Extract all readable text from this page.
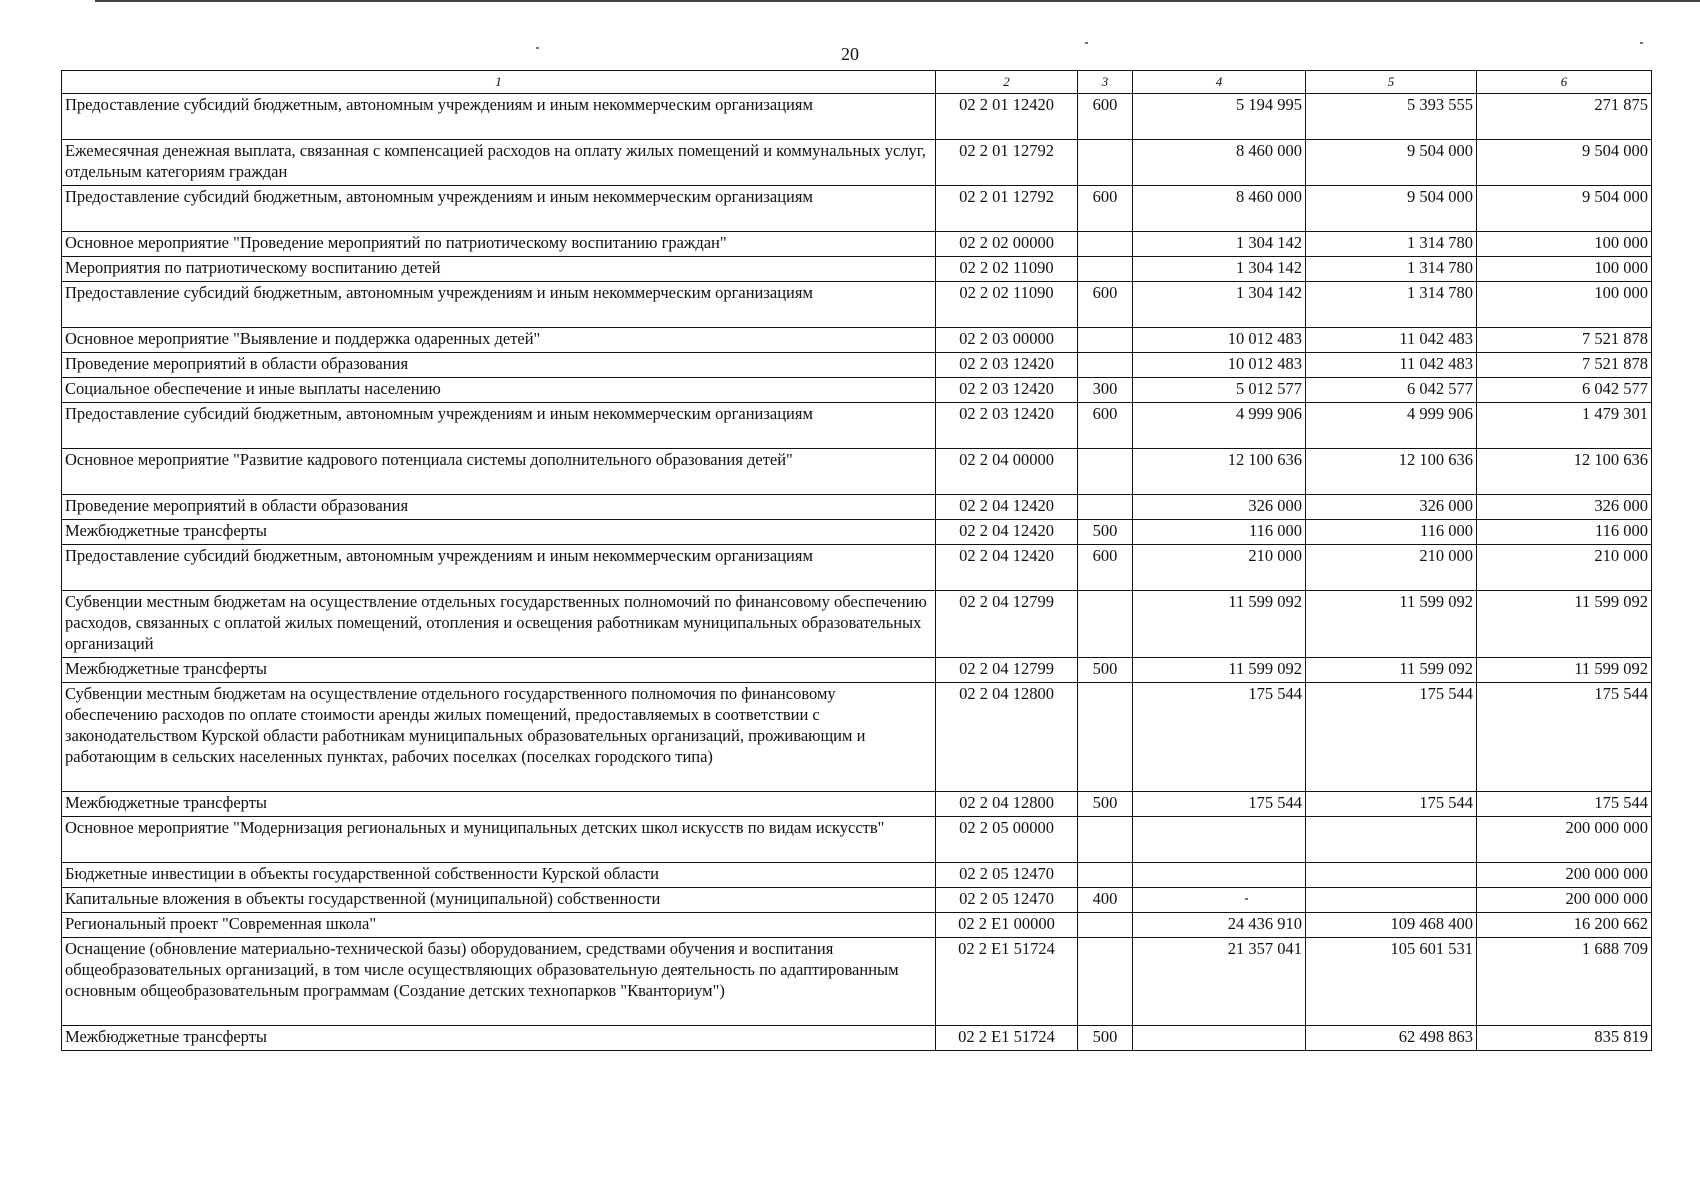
20
1	2	3	4	5	6
Предоставление субсидий бюджетным, автономным учреждениям и иным некоммерческим организациям	02 2 01 12420	600	5 194 995	5 393 555	271 875
Ежемесячная денежная выплата, связанная с компенсацией расходов на оплату жилых помещений и коммунальных услуг, отдельным категориям граждан	02 2 01 12792		8 460 000	9 504 000	9 504 000
Предоставление субсидий бюджетным, автономным учреждениям и иным некоммерческим организациям	02 2 01 12792	600	8 460 000	9 504 000	9 504 000
Основное мероприятие "Проведение мероприятий по патриотическому воспитанию граждан"	02 2 02 00000		1 304 142	1 314 780	100 000
Мероприятия по патриотическому воспитанию детей	02 2 02 11090		1 304 142	1 314 780	100 000
Предоставление субсидий бюджетным, автономным учреждениям и иным некоммерческим организациям	02 2 02 11090	600	1 304 142	1 314 780	100 000
Основное мероприятие "Выявление и поддержка одаренных детей"	02 2 03 00000		10 012 483	11 042 483	7 521 878
Проведение мероприятий в области образования	02 2 03 12420		10 012 483	11 042 483	7 521 878
Социальное обеспечение и иные выплаты населению	02 2 03 12420	300	5 012 577	6 042 577	6 042 577
Предоставление субсидий бюджетным, автономным учреждениям и иным некоммерческим организациям	02 2 03 12420	600	4 999 906	4 999 906	1 479 301
Основное мероприятие "Развитие кадрового потенциала системы дополнительного образования детей"	02 2 04 00000		12 100 636	12 100 636	12 100 636
Проведение мероприятий в области образования	02 2 04 12420		326 000	326 000	326 000
Межбюджетные трансферты	02 2 04 12420	500	116 000	116 000	116 000
Предоставление субсидий бюджетным, автономным учреждениям и иным некоммерческим организациям	02 2 04 12420	600	210 000	210 000	210 000
Субвенции местным бюджетам на осуществление отдельных государственных полномочий по финансовому обеспечению расходов, связанных с оплатой жилых помещений, отопления и освещения работникам муниципальных образовательных организаций	02 2 04 12799		11 599 092	11 599 092	11 599 092
Межбюджетные трансферты	02 2 04 12799	500	11 599 092	11 599 092	11 599 092
Субвенции местным бюджетам на осуществление отдельного государственного полномочия по финансовому обеспечению расходов по оплате стоимости аренды жилых помещений, предоставляемых в соответствии с законодательством Курской области работникам муниципальных образовательных организаций, проживающим и работающим в сельских населенных пунктах, рабочих поселках (поселках городского типа)	02 2 04 12800		175 544	175 544	175 544
Межбюджетные трансферты	02 2 04 12800	500	175 544	175 544	175 544
Основное мероприятие "Модернизация региональных и муниципальных детских школ искусств по видам искусств"	02 2 05 00000				200 000 000
Бюджетные инвестиции в объекты государственной собственности Курской области	02 2 05 12470				200 000 000
Капитальные вложения в объекты государственной (муниципальной) собственности	02 2 05 12470	400			200 000 000
Региональный проект "Современная школа"	02 2 E1 00000		24 436 910	109 468 400	16 200 662
Оснащение (обновление материально-технической базы) оборудованием, средствами обучения и воспитания общеобразовательных организаций, в том числе осуществляющих образовательную деятельность по адаптированным основным общеобразовательным программам (Создание детских технопарков "Кванториум")	02 2 E1 51724		21 357 041	105 601 531	1 688 709
Межбюджетные трансферты	02 2 E1 51724	500		62 498 863	835 819
